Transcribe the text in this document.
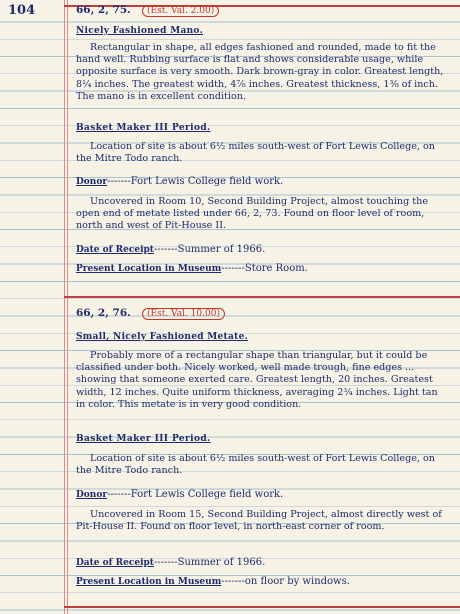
104	66, 2, 75. (Est. Val. 2.00)
Nicely Fashioned Mano.
Rectangular in shape, all edges fashioned and rounded, made to fit the hand well. Rubbing surface is flat and shows considerable usage, while opposite surface is very smooth. Dark brown-gray in color. Greatest length, 8¼ inches. The greatest width, 4⅞ inches. Greatest thickness, 1⅜ of inch. The mano is in excellent condition.
Basket Maker III Period.
Location of site is about 6½ miles south-west of Fort Lewis College, on the Mitre Todo ranch.
Donor-------Fort Lewis College field work.
Uncovered in Room 10, Second Building Project, almost touching the open end of metate listed under 66, 2, 73. Found on floor level of room, north and west of Pit-House II.
Date of Receipt-------Summer of 1966.
Present Location in Museum-------Store Room.
66, 2, 76. (Est. Val. 10.00)
Small, Nicely Fashioned Metate.
Probably more of a rectangular shape than triangular, but it could be classified under both. Nicely worked, well made trough, fine edges ... showing that someone exerted care. Greatest length, 20 inches. Greatest width, 12 inches. Quite uniform thickness, averaging 2¾ inches. Light tan in color. This metate is in very good condition.
Basket Maker III Period.
Location of site is about 6½ miles south-west of Fort Lewis College, on the Mitre Todo ranch.
Donor-------Fort Lewis College field work.
Uncovered in Room 15, Second Building Project, almost directly west of Pit-House II. Found on floor level, in north-east corner of room.
Date of Receipt-------Summer of 1966.
Present Location in Museum-------on floor by windows.
